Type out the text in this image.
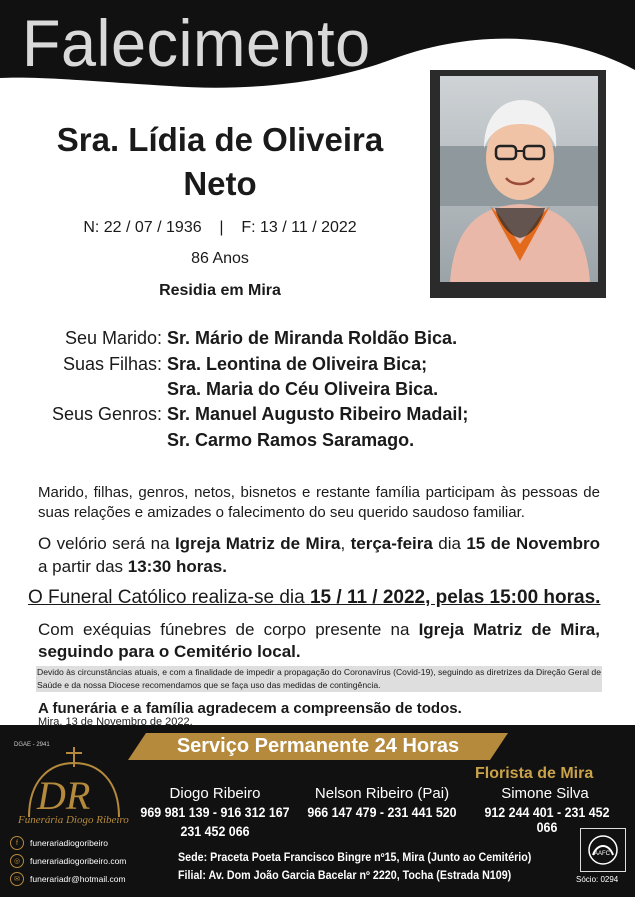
Falecimento
Sra. Lídia de Oliveira
Neto
N: 22 / 07 / 1936    |    F: 13 / 11 / 2022
86 Anos
Residia em Mira
Seu Marido: Sr. Mário de Miranda Roldão Bica.
Suas Filhas: Sra. Leontina de Oliveira Bica;
Sra. Maria do Céu Oliveira Bica.
Seus Genros: Sr. Manuel Augusto Ribeiro Madail;
Sr. Carmo Ramos Saramago.
Marido, filhas, genros, netos, bisnetos e restante família participam às pessoas de suas relações e amizades o falecimento do seu querido saudoso familiar.
O velório será na Igreja Matriz de Mira, terça-feira dia 15 de Novembro a partir das 13:30 horas.
O Funeral Católico realiza-se dia 15 / 11 / 2022, pelas 15:00 horas.
Com exéquias fúnebres de corpo presente na Igreja Matriz de Mira, seguindo para o Cemitério local.
Devido às circunstâncias atuais, e com a finalidade de impedir a propagação do Coronavírus (Covid-19), seguindo as diretrizes da Direção Geral de Saúde e da nossa Diocese recomendamos que se faça uso das medidas de contingência.
A funerária e a família agradecem a compreensão de todos.
Mira, 13 de Novembro de 2022.
DGAE - 2941	Serviço Permanente 24 Horas
DR
Funerária Diogo Ribeiro
f	funerariadiogoribeiro
◎	funerariadiogoribeiro.com
✉	funerariadr@hotmail.com
Florista de Mira
Diogo Ribeiro
969 981 139 - 916 312 167
231 452 066
Nelson Ribeiro (Pai)
966 147 479 - 231 441 520
Simone Silva
912 244 401 - 231 452 066
Sede: Praceta Poeta Francisco Bingre nº15, Mira (Junto ao Cemitério)
Filial: Av. Dom João Garcia Bacelar nº 2220, Tocha (Estrada N109)
AAFC
Sócio: 0294
